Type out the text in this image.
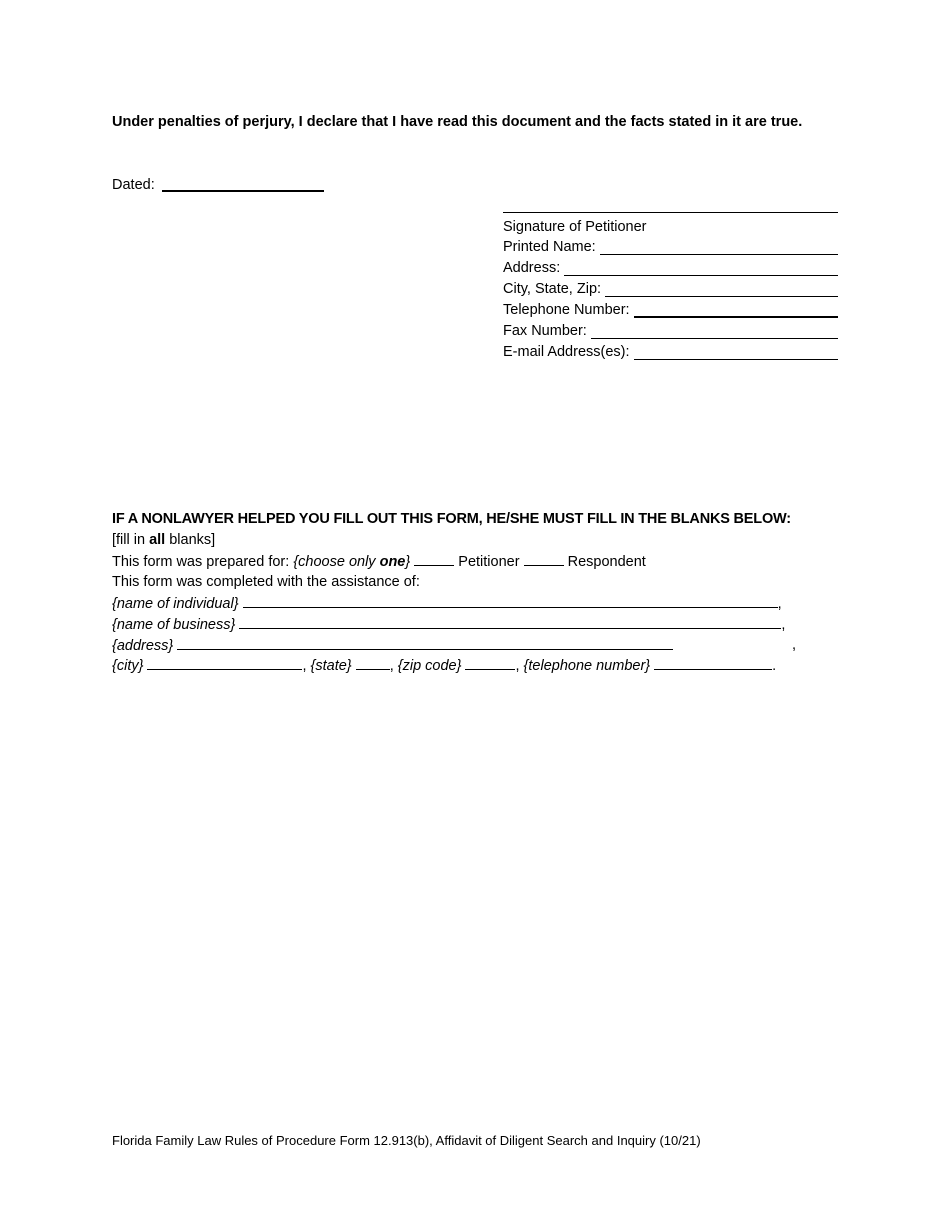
Under penalties of perjury, I declare that I have read this document and the facts stated in it are true.
Dated:
Signature of Petitioner
Printed Name:
Address:
City, State, Zip:
Telephone Number:
Fax Number:
E-mail Address(es):
IF A NONLAWYER HELPED YOU FILL OUT THIS FORM, HE/SHE MUST FILL IN THE BLANKS BELOW:
[fill in all blanks]
This form was prepared for: {choose only one}	Petitioner	Respondent
This form was completed with the assistance of:
{name of individual}	,
{name of business}	,
{address}	,
{city}	, {state}	, {zip code}	, {telephone number}	.
Florida Family Law Rules of Procedure Form 12.913(b), Affidavit of Diligent Search and Inquiry (10/21)
